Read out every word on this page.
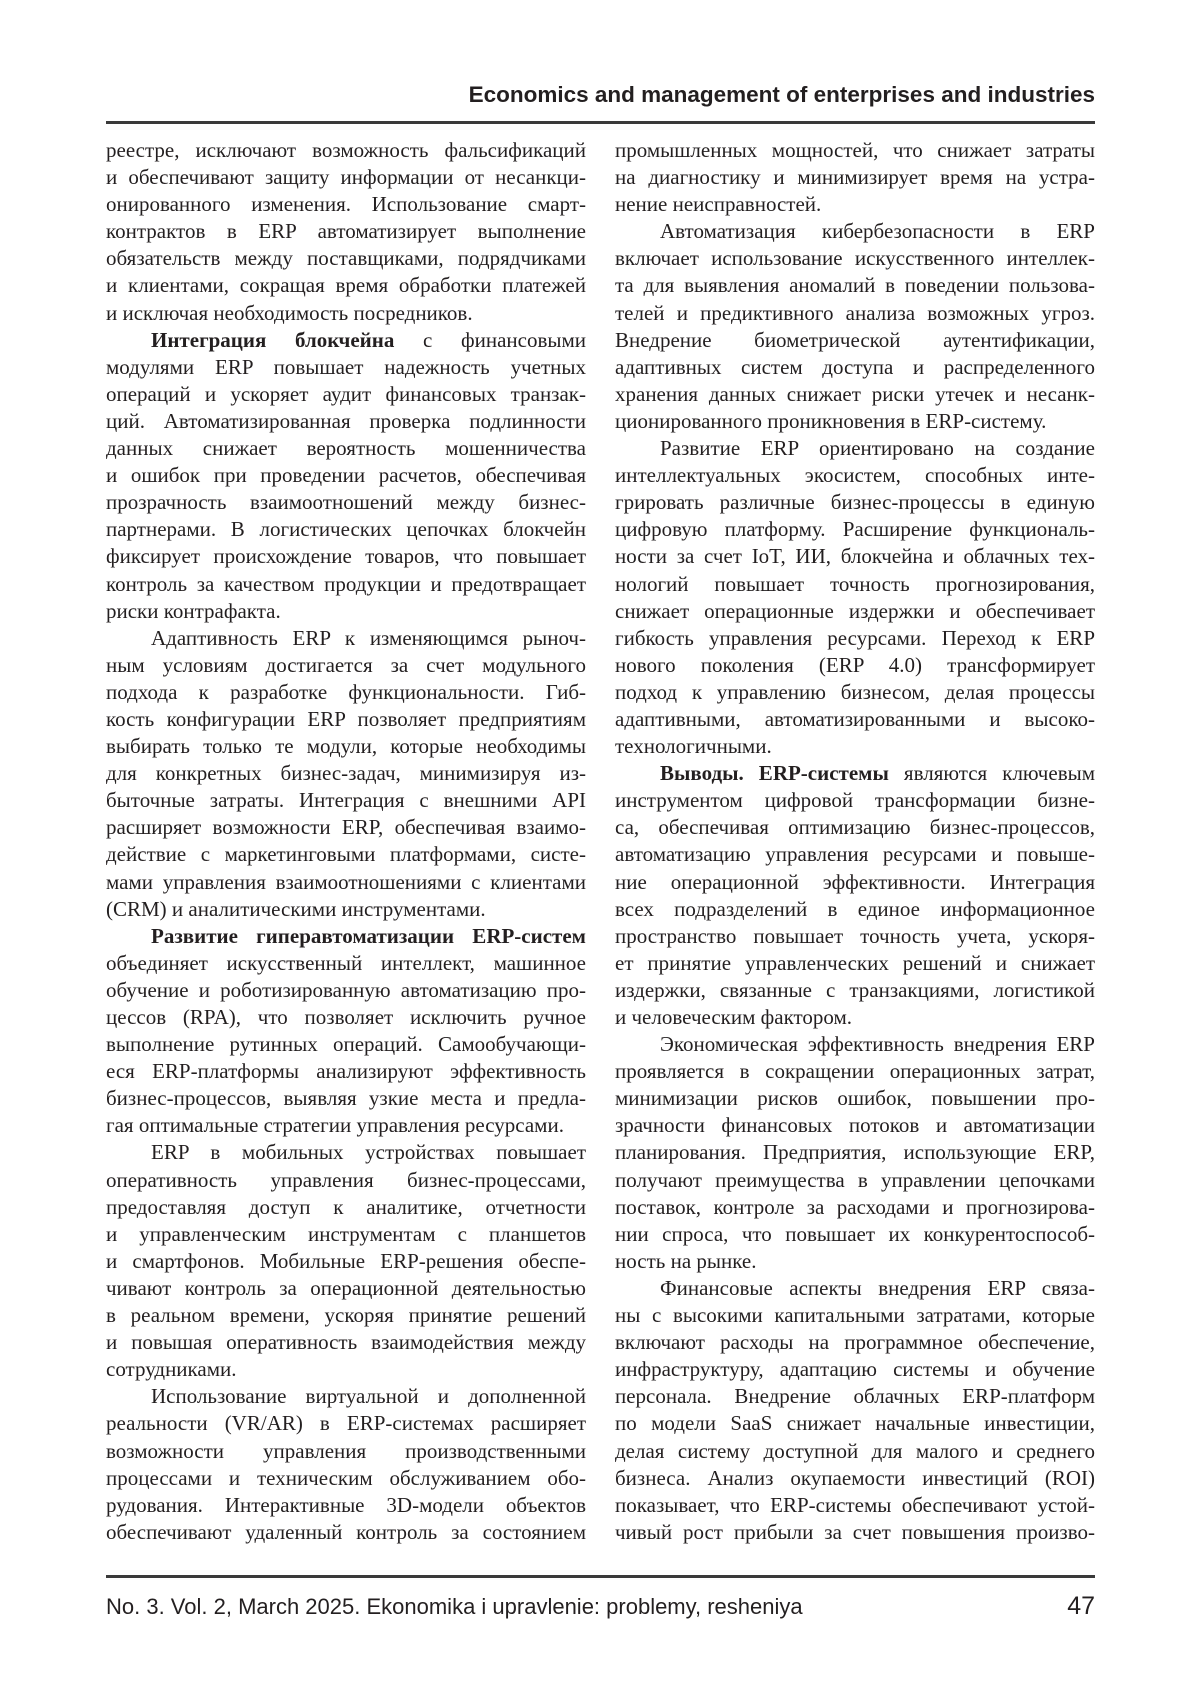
Economics and management of enterprises and industries
реестре, исключают возможность фальсификаций
и обеспечивают защиту информации от несанкци-
онированного изменения. Использование смарт-
контрактов в ERP автоматизирует выполнение
обязательств между поставщиками, подрядчиками
и клиентами, сокращая время обработки платежей
и исключая необходимость посредников.
Интеграция блокчейна с финансовыми
модулями ERP повышает надежность учетных
операций и ускоряет аудит финансовых транзак-
ций. Автоматизированная проверка подлинности
данных снижает вероятность мошенничества
и ошибок при проведении расчетов, обеспечивая
прозрачность взаимоотношений между бизнес-
партнерами. В логистических цепочках блокчейн
фиксирует происхождение товаров, что повышает
контроль за качеством продукции и предотвращает
риски контрафакта.
Адаптивность ERP к изменяющимся рыноч-
ным условиям достигается за счет модульного
подхода к разработке функциональности. Гиб-
кость конфигурации ERP позволяет предприятиям
выбирать только те модули, которые необходимы
для конкретных бизнес-задач, минимизируя из-
быточные затраты. Интеграция с внешними API
расширяет возможности ERP, обеспечивая взаимо-
действие с маркетинговыми платформами, систе-
мами управления взаимоотношениями с клиентами
(CRM) и аналитическими инструментами.
Развитие гиперавтоматизации ERP-систем
объединяет искусственный интеллект, машинное
обучение и роботизированную автоматизацию про-
цессов (RPA), что позволяет исключить ручное
выполнение рутинных операций. Самообучающи-
еся ERP-платформы анализируют эффективность
бизнес-процессов, выявляя узкие места и предла-
гая оптимальные стратегии управления ресурсами.
ERP в мобильных устройствах повышает
оперативность управления бизнес-процессами,
предоставляя доступ к аналитике, отчетности
и управленческим инструментам с планшетов
и смартфонов. Мобильные ERP-решения обеспе-
чивают контроль за операционной деятельностью
в реальном времени, ускоряя принятие решений
и повышая оперативность взаимодействия между
сотрудниками.
Использование виртуальной и дополненной
реальности (VR/AR) в ERP-системах расширяет
возможности управления производственными
процессами и техническим обслуживанием обо-
рудования. Интерактивные 3D-модели объектов
обеспечивают удаленный контроль за состоянием
промышленных мощностей, что снижает затраты
на диагностику и минимизирует время на устра-
нение неисправностей.
Автоматизация кибербезопасности в ERP
включает использование искусственного интеллек-
та для выявления аномалий в поведении пользова-
телей и предиктивного анализа возможных угроз.
Внедрение биометрической аутентификации,
адаптивных систем доступа и распределенного
хранения данных снижает риски утечек и несанк-
ционированного проникновения в ERP-систему.
Развитие ERP ориентировано на создание
интеллектуальных экосистем, способных инте-
грировать различные бизнес-процессы в единую
цифровую платформу. Расширение функциональ-
ности за счет IoT, ИИ, блокчейна и облачных тех-
нологий повышает точность прогнозирования,
снижает операционные издержки и обеспечивает
гибкость управления ресурсами. Переход к ERP
нового поколения (ERP 4.0) трансформирует
подход к управлению бизнесом, делая процессы
адаптивными, автоматизированными и высоко-
технологичными.
Выводы. ERP-системы являются ключевым
инструментом цифровой трансформации бизне-
са, обеспечивая оптимизацию бизнес-процессов,
автоматизацию управления ресурсами и повыше-
ние операционной эффективности. Интеграция
всех подразделений в единое информационное
пространство повышает точность учета, ускоря-
ет принятие управленческих решений и снижает
издержки, связанные с транзакциями, логистикой
и человеческим фактором.
Экономическая эффективность внедрения ERP
проявляется в сокращении операционных затрат,
минимизации рисков ошибок, повышении про-
зрачности финансовых потоков и автоматизации
планирования. Предприятия, использующие ERP,
получают преимущества в управлении цепочками
поставок, контроле за расходами и прогнозирова-
нии спроса, что повышает их конкурентоспособ-
ность на рынке.
Финансовые аспекты внедрения ERP связа-
ны с высокими капитальными затратами, которые
включают расходы на программное обеспечение,
инфраструктуру, адаптацию системы и обучение
персонала. Внедрение облачных ERP-платформ
по модели SaaS снижает начальные инвестиции,
делая систему доступной для малого и среднего
бизнеса. Анализ окупаемости инвестиций (ROI)
показывает, что ERP-системы обеспечивают устой-
чивый рост прибыли за счет повышения произво-
No. 3. Vol. 2, March 2025. Ekonomika i upravlenie: problemy, resheniya	47
